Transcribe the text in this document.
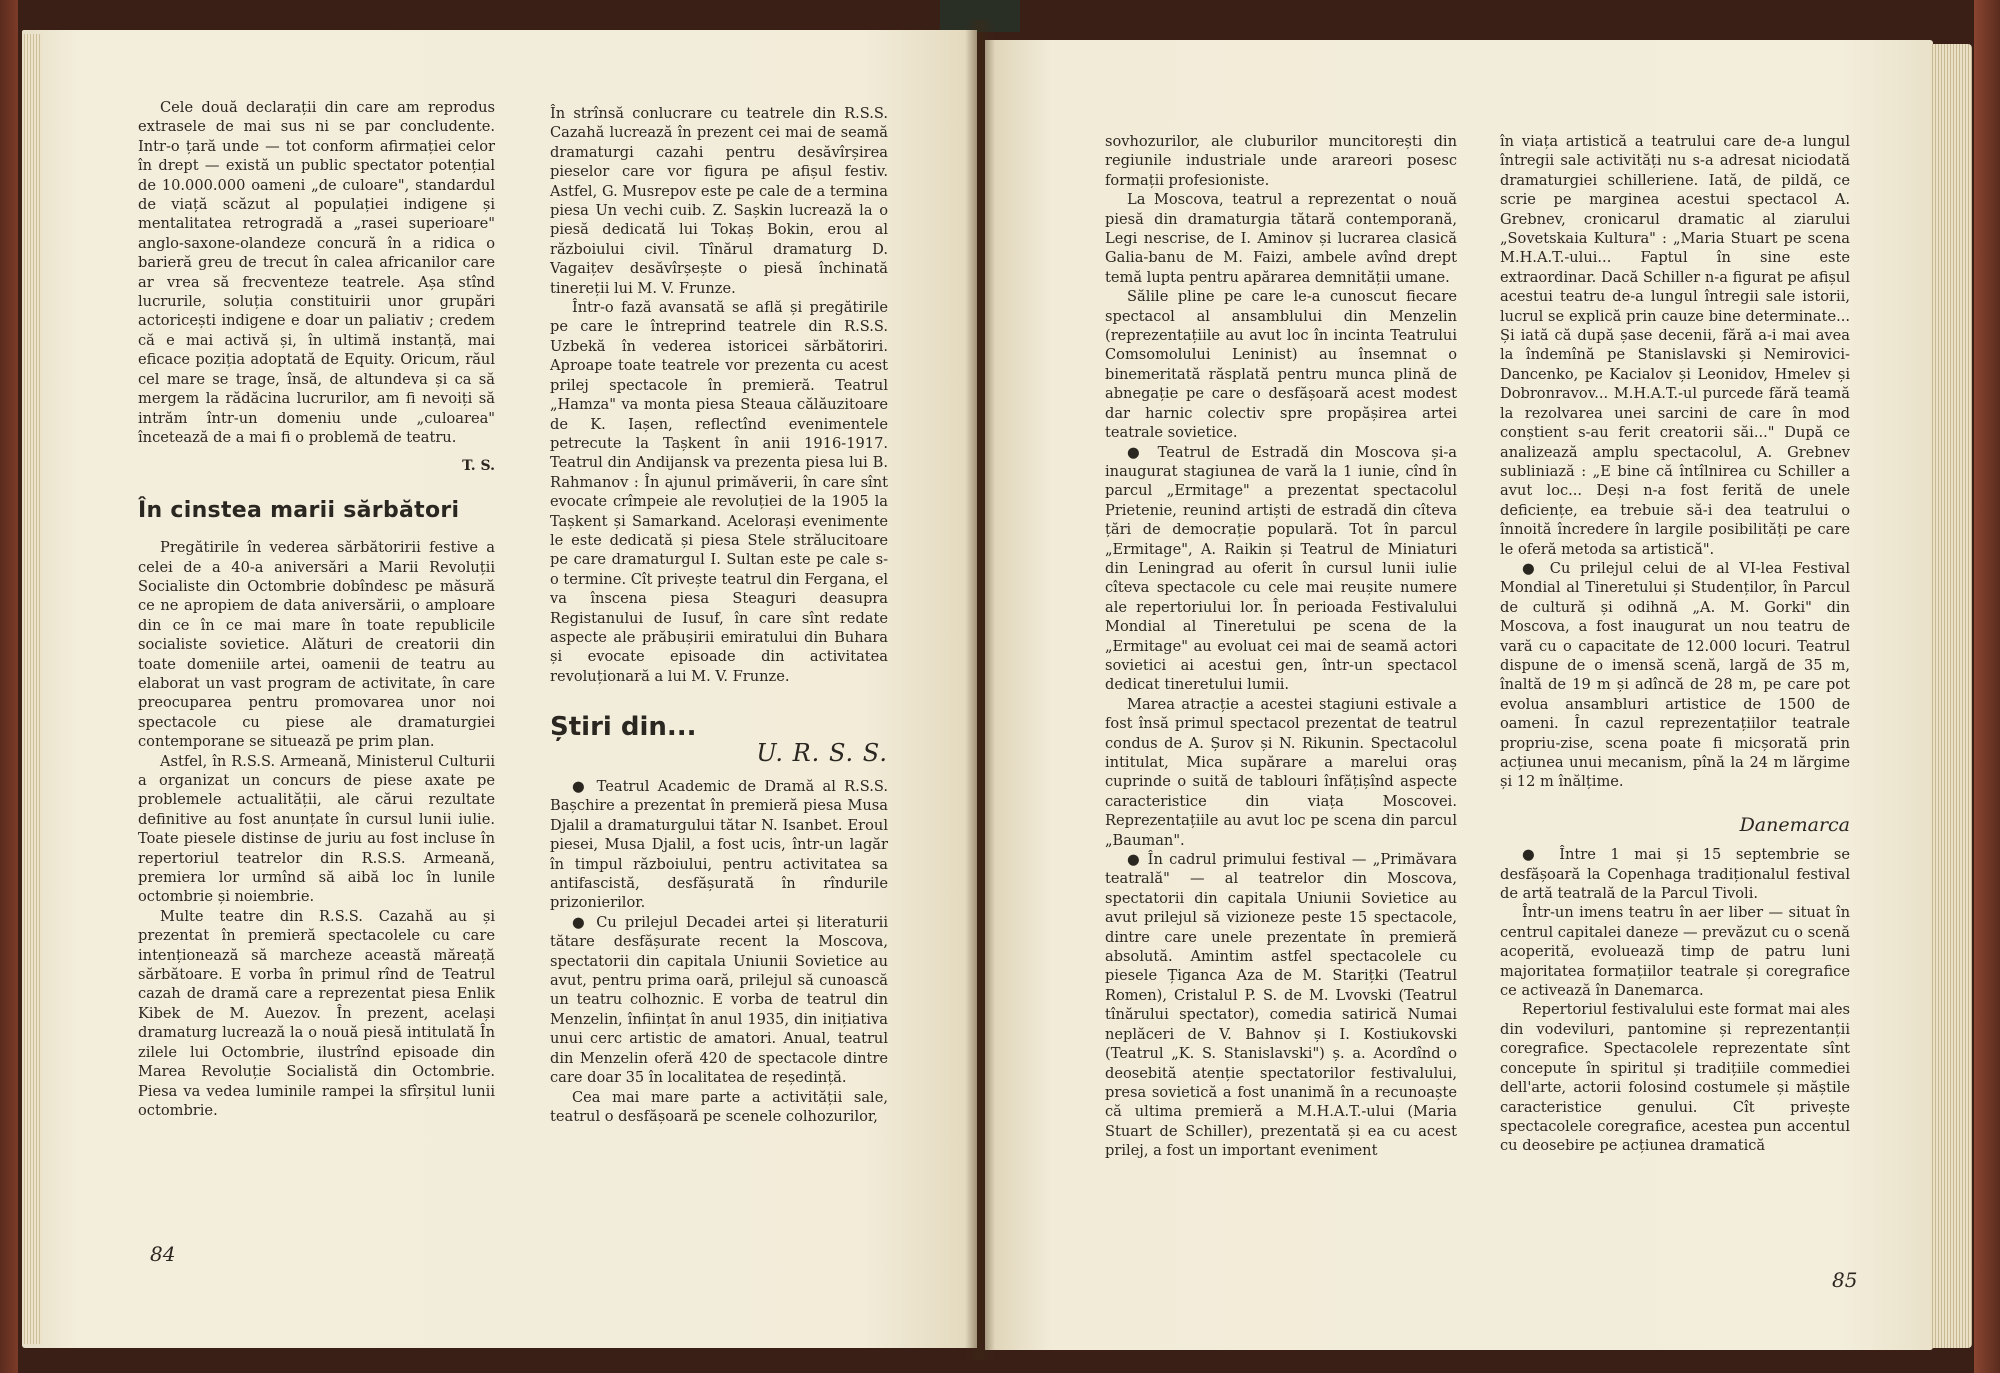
Cele două declarații din care am reprodus extrasele de mai sus ni se par concludente. Intr-o țară unde — tot conform afirmației celor în drept — există un public spectator potențial de 10.000.000 oameni „de culoare", standardul de viață scăzut al populației indigene și mentalitatea retrogradă a „rasei superioare" anglo-saxone-olandeze concură în a ridica o barieră greu de trecut în calea africanilor care ar vrea să frecventeze teatrele. Așa stînd lucrurile, soluția constituirii unor grupări actoricești indigene e doar un paliativ ; credem că e mai activă și, în ultimă instanță, mai eficace poziția adoptată de Equity. Oricum, răul cel mare se trage, însă, de altundeva și ca să mergem la rădăcina lucrurilor, am fi nevoiți să intrăm într-un domeniu unde „culoarea" încetează de a mai fi o problemă de teatru.

T. S.
În cinstea marii sărbători

Pregătirile în vederea sărbătoririi festive a celei de a 40-a aniversări a Marii Revoluții Socialiste din Octombrie dobîndesc pe măsură ce ne apropiem de data aniversării, o amploare din ce în ce mai mare în toate republicile socialiste sovietice. Alături de creatorii din toate domeniile artei, oamenii de teatru au elaborat un vast program de activitate, în care preocuparea pentru promovarea unor noi spectacole cu piese ale dramaturgiei contemporane se situează pe prim plan.

Astfel, în R.S.S. Armeană, Ministerul Culturii a organizat un concurs de piese axate pe problemele actualității, ale cărui rezultate definitive au fost anunțate în cursul lunii iulie. Toate piesele distinse de juriu au fost incluse în repertoriul teatrelor din R.S.S. Armeană, premiera lor urmînd să aibă loc în lunile octombrie și noiembrie.

Multe teatre din R.S.S. Cazahă au și prezentat în premieră spectacolele cu care intenționează să marcheze această măreață sărbătoare. E vorba în primul rînd de Teatrul cazah de dramă care a reprezentat piesa Enlik Kibek de M. Auezov. În prezent, același dramaturg lucrează la o nouă piesă intitulată În zilele lui Octombrie, ilustrînd episoade din Marea Revoluție Socialistă din Octombrie. Piesa va vedea luminile rampei la sfîrșitul lunii octombrie.

În strînsă conlucrare cu teatrele din R.S.S. Cazahă lucrează în prezent cei mai de seamă dramaturgi cazahi pentru desăvîrșirea pieselor care vor figura pe afișul festiv. Astfel, G. Musrepov este pe cale de a termina piesa Un vechi cuib. Z. Sașkin lucrează la o piesă dedicată lui Tokaș Bokin, erou al războiului civil. Tînărul dramaturg D. Vagaițev desăvîrșește o piesă închinată tinereții lui M. V. Frunze.

Într-o fază avansată se află și pregătirile pe care le întreprind teatrele din R.S.S. Uzbekă în vederea istoricei sărbătoriri. Aproape toate teatrele vor prezenta cu acest prilej spectacole în premieră. Teatrul „Hamza" va monta piesa Steaua călăuzitoare de K. Iașen, reflectînd evenimentele petrecute la Tașkent în anii 1916-1917. Teatrul din Andijansk va prezenta piesa lui B. Rahmanov : În ajunul primăverii, în care sînt evocate crîmpeie ale revoluției de la 1905 la Tașkent și Samarkand. Acelorași evenimente le este dedicată și piesa Stele strălucitoare pe care dramaturgul I. Sultan este pe cale s-o termine. Cît privește teatrul din Fergana, el va înscena piesa Steaguri deasupra Registanului de Iusuf, în care sînt redate aspecte ale prăbușirii emiratului din Buhara și evocate episoade din activitatea revoluționară a lui M. V. Frunze.

Știri din...
U. R. S. S.

● Teatrul Academic de Dramă al R.S.S. Bașchire a prezentat în premieră piesa Musa Djalil a dramaturgului tătar N. Isanbet. Eroul piesei, Musa Djalil, a fost ucis, într-un lagăr în timpul războiului, pentru activitatea sa antifascistă, desfășurată în rîndurile prizonierilor.

● Cu prilejul Decadei artei și literaturii tătare desfășurate recent la Moscova, spectatorii din capitala Uniunii Sovietice au avut, pentru prima oară, prilejul să cunoască un teatru colhoznic. E vorba de teatrul din Menzelin, înființat în anul 1935, din inițiativa unui cerc artistic de amatori. Anual, teatrul din Menzelin oferă 420 de spectacole dintre care doar 35 în localitatea de reședință.

Cea mai mare parte a activității sale, teatrul o desfășoară pe scenele colhozurilor,

84

sovhozurilor, ale cluburilor muncitorești din regiunile industriale unde arareori posesc formații profesioniste.

La Moscova, teatrul a reprezentat o nouă piesă din dramaturgia tătară contemporană, Legi nescrise, de I. Aminov și lucrarea clasică Galia-banu de M. Faizi, ambele avînd drept temă lupta pentru apărarea demnității umane.

Sălile pline pe care le-a cunoscut fiecare spectacol al ansamblului din Menzelin (reprezentațiile au avut loc în incinta Teatrului Comsomolului Leninist) au însemnat o binemeritată răsplată pentru munca plină de abnegație pe care o desfășoară acest modest dar harnic colectiv spre propășirea artei teatrale sovietice.

● Teatrul de Estradă din Moscova și-a inaugurat stagiunea de vară la 1 iunie, cînd în parcul „Ermitage" a prezentat spectacolul Prietenie, reunind artiști de estradă din cîteva țări de democrație populară. Tot în parcul „Ermitage", A. Raikin și Teatrul de Miniaturi din Leningrad au oferit în cursul lunii iulie cîteva spectacole cu cele mai reușite numere ale repertoriului lor. În perioada Festivalului Mondial al Tineretului pe scena de la „Ermitage" au evoluat cei mai de seamă actori sovietici ai acestui gen, într-un spectacol dedicat tineretului lumii.

Marea atracție a acestei stagiuni estivale a fost însă primul spectacol prezentat de teatrul condus de A. Șurov și N. Rikunin. Spectacolul intitulat, Mica supărare a marelui oraș cuprinde o suită de tablouri înfățișînd aspecte caracteristice din viața Moscovei. Reprezentațiile au avut loc pe scena din parcul „Bauman".

● În cadrul primului festival — „Primăvara teatrală" — al teatrelor din Moscova, spectatorii din capitala Uniunii Sovietice au avut prilejul să vizioneze peste 15 spectacole, dintre care unele prezentate în premieră absolută. Amintim astfel spectacolele cu piesele Țiganca Aza de M. Starițki (Teatrul Romen), Cristalul P. S. de M. Lvovski (Teatrul tînărului spectator), comedia satirică Numai neplăceri de V. Bahnov și I. Kostiukovski (Teatrul „K. S. Stanislavski") ș. a. Acordînd o deosebită atenție spectatorilor festivalului, presa sovietică a fost unanimă în a recunoaște că ultima premieră a M.H.A.T.-ului (Maria Stuart de Schiller), prezentată și ea cu acest prilej, a fost un important eveniment

în viața artistică a teatrului care de-a lungul întregii sale activități nu s-a adresat niciodată dramaturgiei schilleriene. Iată, de pildă, ce scrie pe marginea acestui spectacol A. Grebnev, cronicarul dramatic al ziarului „Sovetskaia Kultura" : „Maria Stuart pe scena M.H.A.T.-ului... Faptul în sine este extraordinar. Dacă Schiller n-a figurat pe afișul acestui teatru de-a lungul întregii sale istorii, lucrul se explică prin cauze bine determinate... Și iată că după șase decenii, fără a-i mai avea la îndemînă pe Stanislavski și Nemirovici-Dancenko, pe Kacialov și Leonidov, Hmelev și Dobronravov... M.H.A.T.-ul purcede fără teamă la rezolvarea unei sarcini de care în mod conștient s-au ferit creatorii săi..." După ce analizează amplu spectacolul, A. Grebnev subliniază : „E bine că întîlnirea cu Schiller a avut loc... Deși n-a fost ferită de unele deficiențe, ea trebuie să-i dea teatrului o înnoită încredere în largile posibilități pe care le oferă metoda sa artistică".

● Cu prilejul celui de al VI-lea Festival Mondial al Tineretului și Studenților, în Parcul de cultură și odihnă „A. M. Gorki" din Moscova, a fost inaugurat un nou teatru de vară cu o capacitate de 12.000 locuri. Teatrul dispune de o imensă scenă, largă de 35 m, înaltă de 19 m și adîncă de 28 m, pe care pot evolua ansambluri artistice de 1500 de oameni. În cazul reprezentațiilor teatrale propriu-zise, scena poate fi micșorată prin acțiunea unui mecanism, pînă la 24 m lărgime și 12 m înălțime.

Danemarca

● Între 1 mai și 15 septembrie se desfășoară la Copenhaga tradiționalul festival de artă teatrală de la Parcul Tivoli.

Într-un imens teatru în aer liber — situat în centrul capitalei daneze — prevăzut cu o scenă acoperită, evoluează timp de patru luni majoritatea formațiilor teatrale și coregrafice ce activează în Danemarca.

Repertoriul festivalului este format mai ales din vodeviluri, pantomine și reprezentanții coregrafice. Spectacolele reprezentate sînt concepute în spiritul și tradițiile commediei dell'arte, actorii folosind costumele și măștile caracteristice genului. Cît privește spectacolele coregrafice, acestea pun accentul cu deosebire pe acțiunea dramatică

85
